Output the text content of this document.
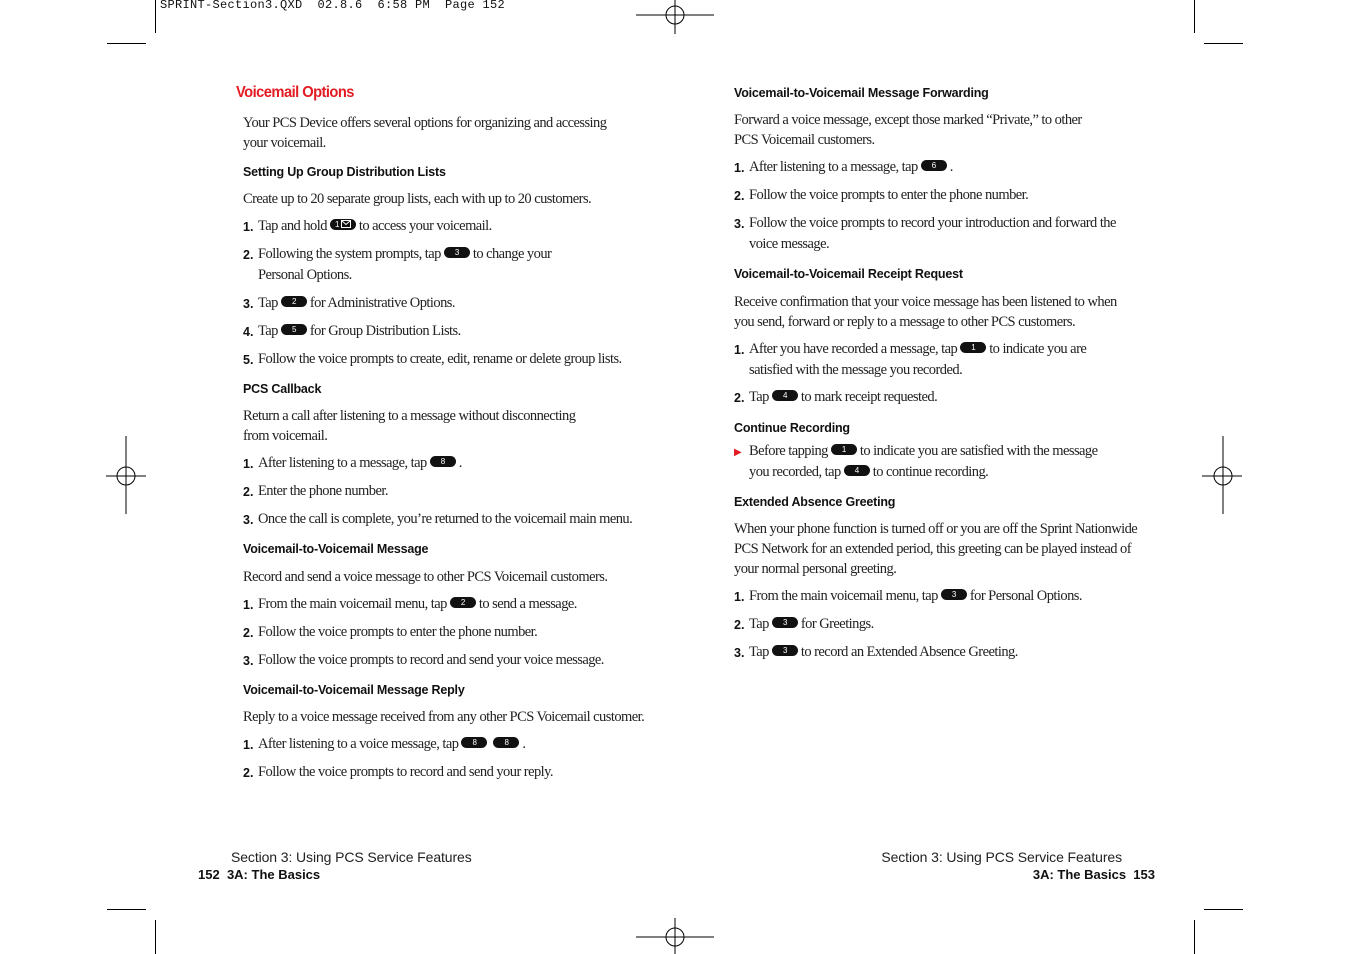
SPRINT-Section3.QXD  02.8.6  6:58 PM  Page 152
Voicemail Options
Your PCS Device offers several options for organizing and accessing your voicemail.
Setting Up Group Distribution Lists
Create up to 20 separate group lists, each with up to 20 customers.
1. Tap and hold 1 to access your voicemail.
2. Following the system prompts, tap 3 to change your
Personal Options.
3. Tap 2 for Administrative Options.
4. Tap 5 for Group Distribution Lists.
5. Follow the voice prompts to create, edit, rename or delete group lists.
PCS Callback
Return a call after listening to a message without disconnecting
from voicemail.
1. After listening to a message, tap 8 .
2. Enter the phone number.
3. Once the call is complete, you’re returned to the voicemail main menu.
Voicemail-to-Voicemail Message
Record and send a voice message to other PCS Voicemail customers.
1. From the main voicemail menu, tap 2 to send a message.
2. Follow the voice prompts to enter the phone number.
3. Follow the voice prompts to record and send your voice message.
Voicemail-to-Voicemail Message Reply
Reply to a voice message received from any other PCS Voicemail customer.
1. After listening to a voice message, tap 8	8 .
2. Follow the voice prompts to record and send your reply.
Section 3: Using PCS Service Features
152 3A: The Basics
Voicemail-to-Voicemail Message Forwarding
Forward a voice message, except those marked “Private,” to other
PCS Voicemail customers.
1. After listening to a message, tap 6 .
2. Follow the voice prompts to enter the phone number.
3. Follow the voice prompts to record your introduction and forward the
voice message.
Voicemail-to-Voicemail Receipt Request
Receive confirmation that your voice message has been listened to when
you send, forward or reply to a message to other PCS customers.
1. After you have recorded a message, tap 1 to indicate you are
satisfied with the message you recorded.
2. Tap 4 to mark receipt requested.
Continue Recording
▶ Before tapping 1 to indicate you are satisfied with the message
you recorded, tap 4 to continue recording.
Extended Absence Greeting
When your phone function is turned off or you are off the Sprint Nationwide
PCS Network for an extended period, this greeting can be played instead of
your normal personal greeting.
1. From the main voicemail menu, tap 3 for Personal Options.
2. Tap 3 for Greetings.
3. Tap 3 to record an Extended Absence Greeting.
Section 3: Using PCS Service Features
3A: The Basics 153
